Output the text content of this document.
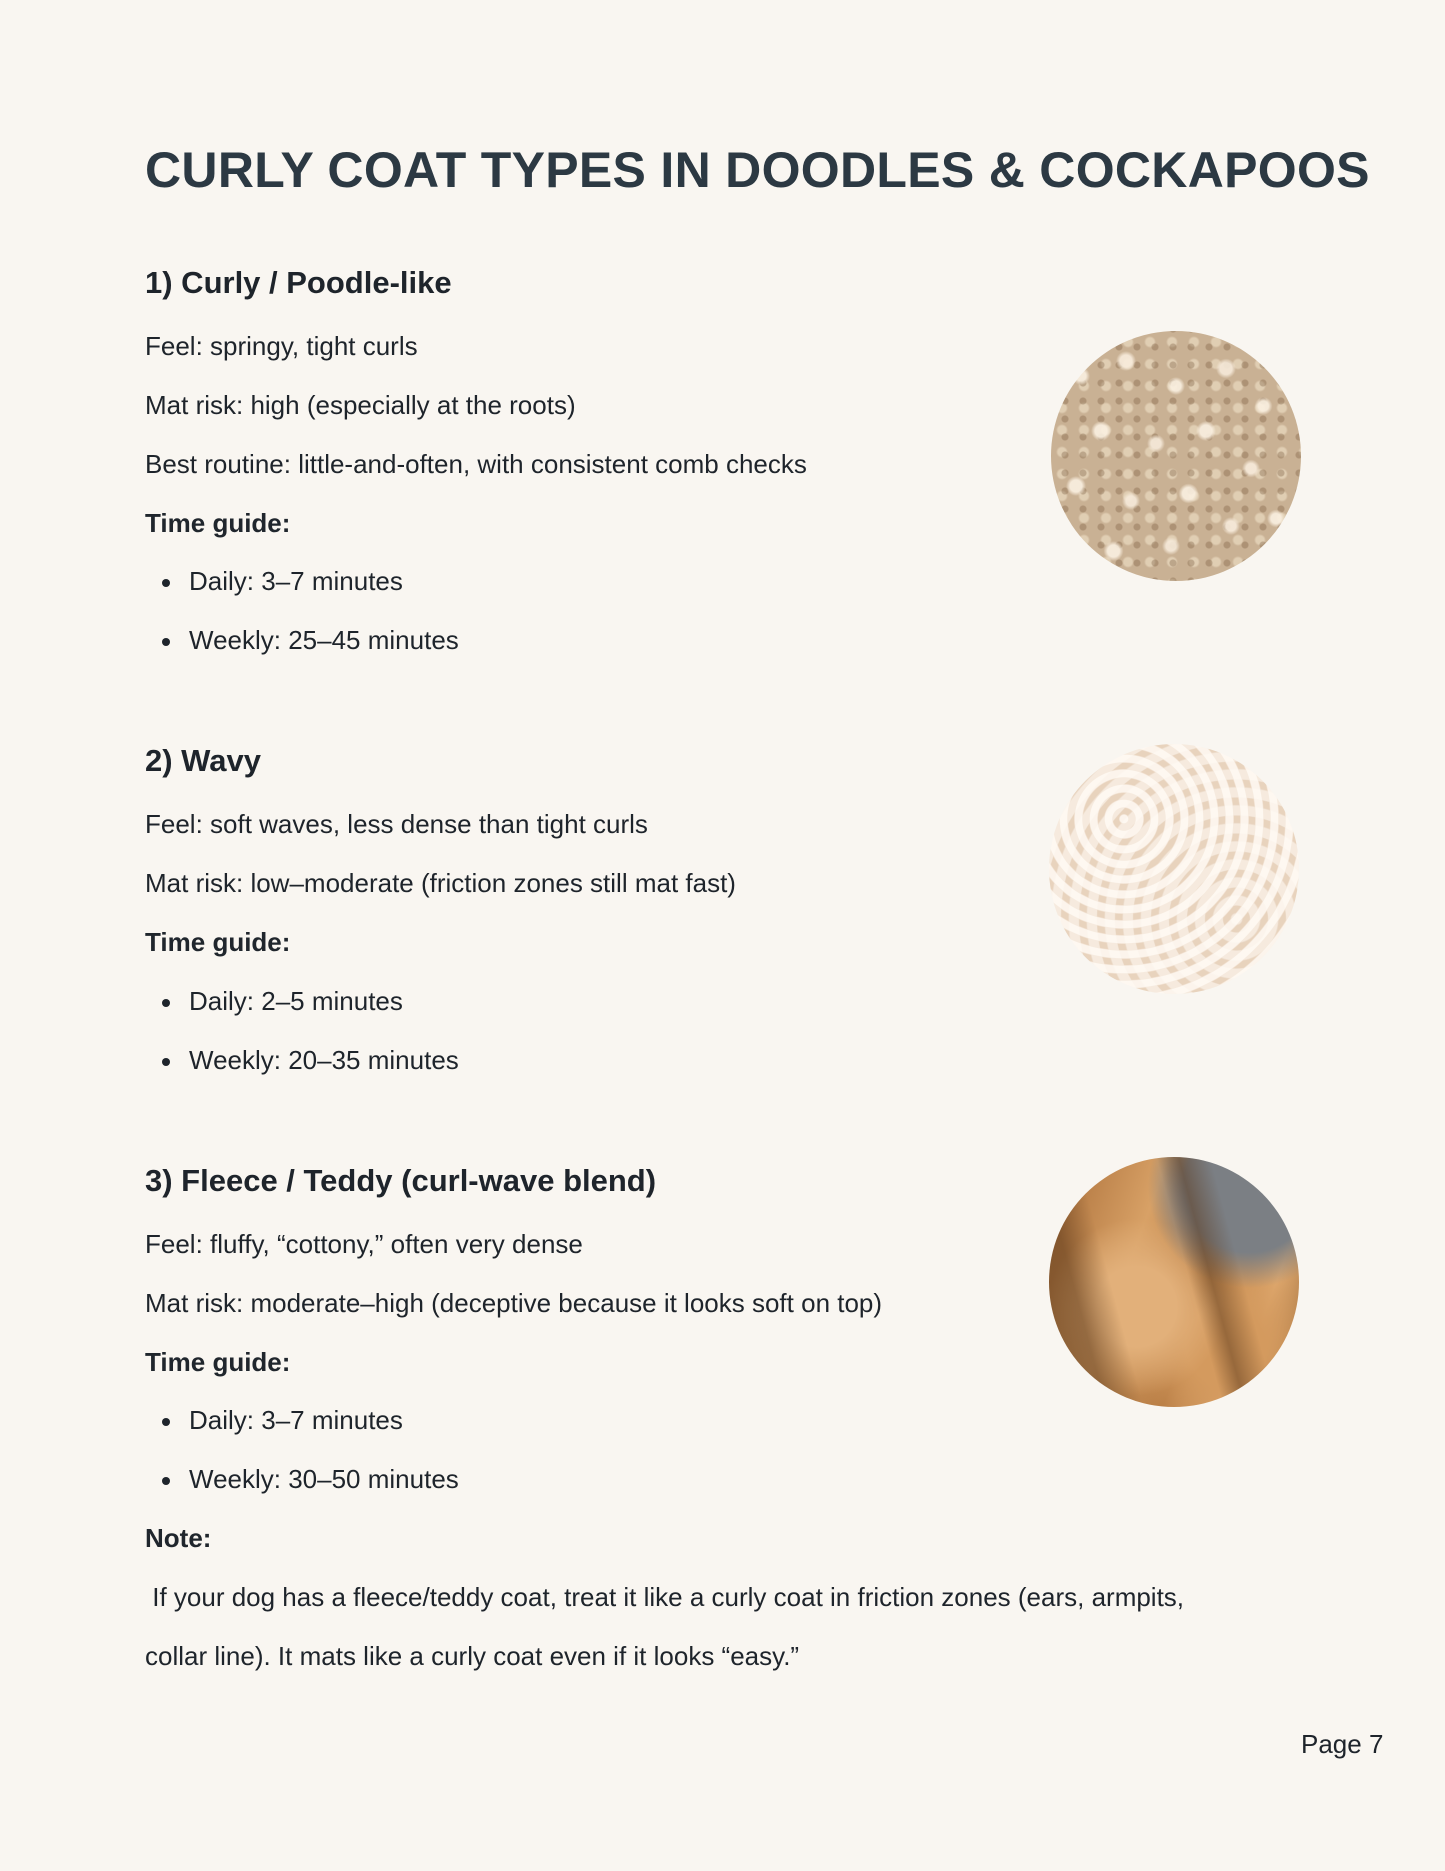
CURLY COAT TYPES IN DOODLES & COCKAPOOS
1) Curly / Poodle-like

Feel: springy, tight curls

Mat risk: high (especially at the roots)

Best routine: little-and-often, with consistent comb checks

Time guide:

Daily: 3–7 minutes

Weekly: 25–45 minutes

2) Wavy

Feel: soft waves, less dense than tight curls

Mat risk: low–moderate (friction zones still mat fast)

Time guide:

Daily: 2–5 minutes

Weekly: 20–35 minutes

3) Fleece / Teddy (curl-wave blend)

Feel: fluffy, “cottony,” often very dense

Mat risk: moderate–high (deceptive because it looks soft on top)

Time guide:

Daily: 3–7 minutes

Weekly: 30–50 minutes

Note:

If your dog has a fleece/teddy coat, treat it like a curly coat in friction zones (ears, armpits,

collar line). It mats like a curly coat even if it looks “easy.”

Page 7
